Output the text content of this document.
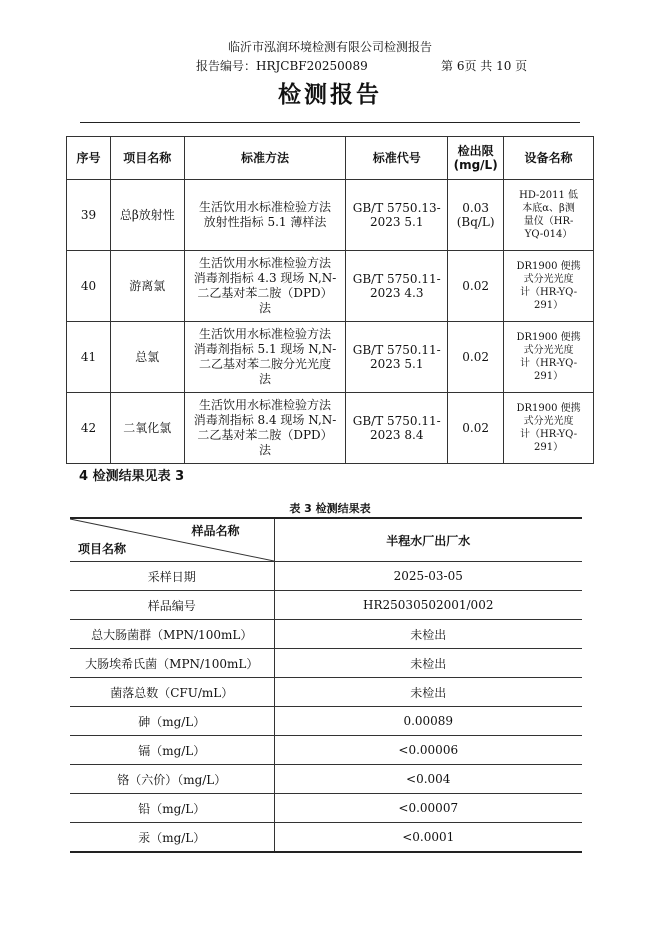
临沂市泓润环境检测有限公司检测报告
报告编号：HRJCBF20250089	第 6页 共 10 页
检测报告
序号	项目名称	标准方法	标准代号	检出限
(mg/L)	设备名称
39	总β放射性	生活饮用水标准检验方法
放射性指标 5.1 薄样法	GB/T 5750.13-
2023 5.1	0.03
(Bq/L)	HD-2011 低
本底α、β测
量仪（HR-
YQ-014）
40	游离氯	生活饮用水标准检验方法
消毒剂指标 4.3 现场 N,N-
二乙基对苯二胺（DPD）
法	GB/T 5750.11-
2023 4.3	0.02	DR1900 便携
式分光光度
计（HR-YQ-
291）
41	总氯	生活饮用水标准检验方法
消毒剂指标 5.1 现场 N,N-
二乙基对苯二胺分光光度
法	GB/T 5750.11-
2023 5.1	0.02	DR1900 便携
式分光光度
计（HR-YQ-
291）
42	二氧化氯	生活饮用水标准检验方法
消毒剂指标 8.4 现场 N,N-
二乙基对苯二胺（DPD）
法	GB/T 5750.11-
2023 8.4	0.02	DR1900 便携
式分光光度
计（HR-YQ-
291）
4 检测结果见表 3
表 3 检测结果表
样品名称
项目名称	半程水厂出厂水
采样日期	2025-03-05
样品编号	HR25030502001/002
总大肠菌群（MPN/100mL）	未检出
大肠埃希氏菌（MPN/100mL）	未检出
菌落总数（CFU/mL）	未检出
砷（mg/L）	0.00089
镉（mg/L）	<0.00006
铬（六价）（mg/L）	<0.004
铅（mg/L）	<0.00007
汞（mg/L）	<0.0001
